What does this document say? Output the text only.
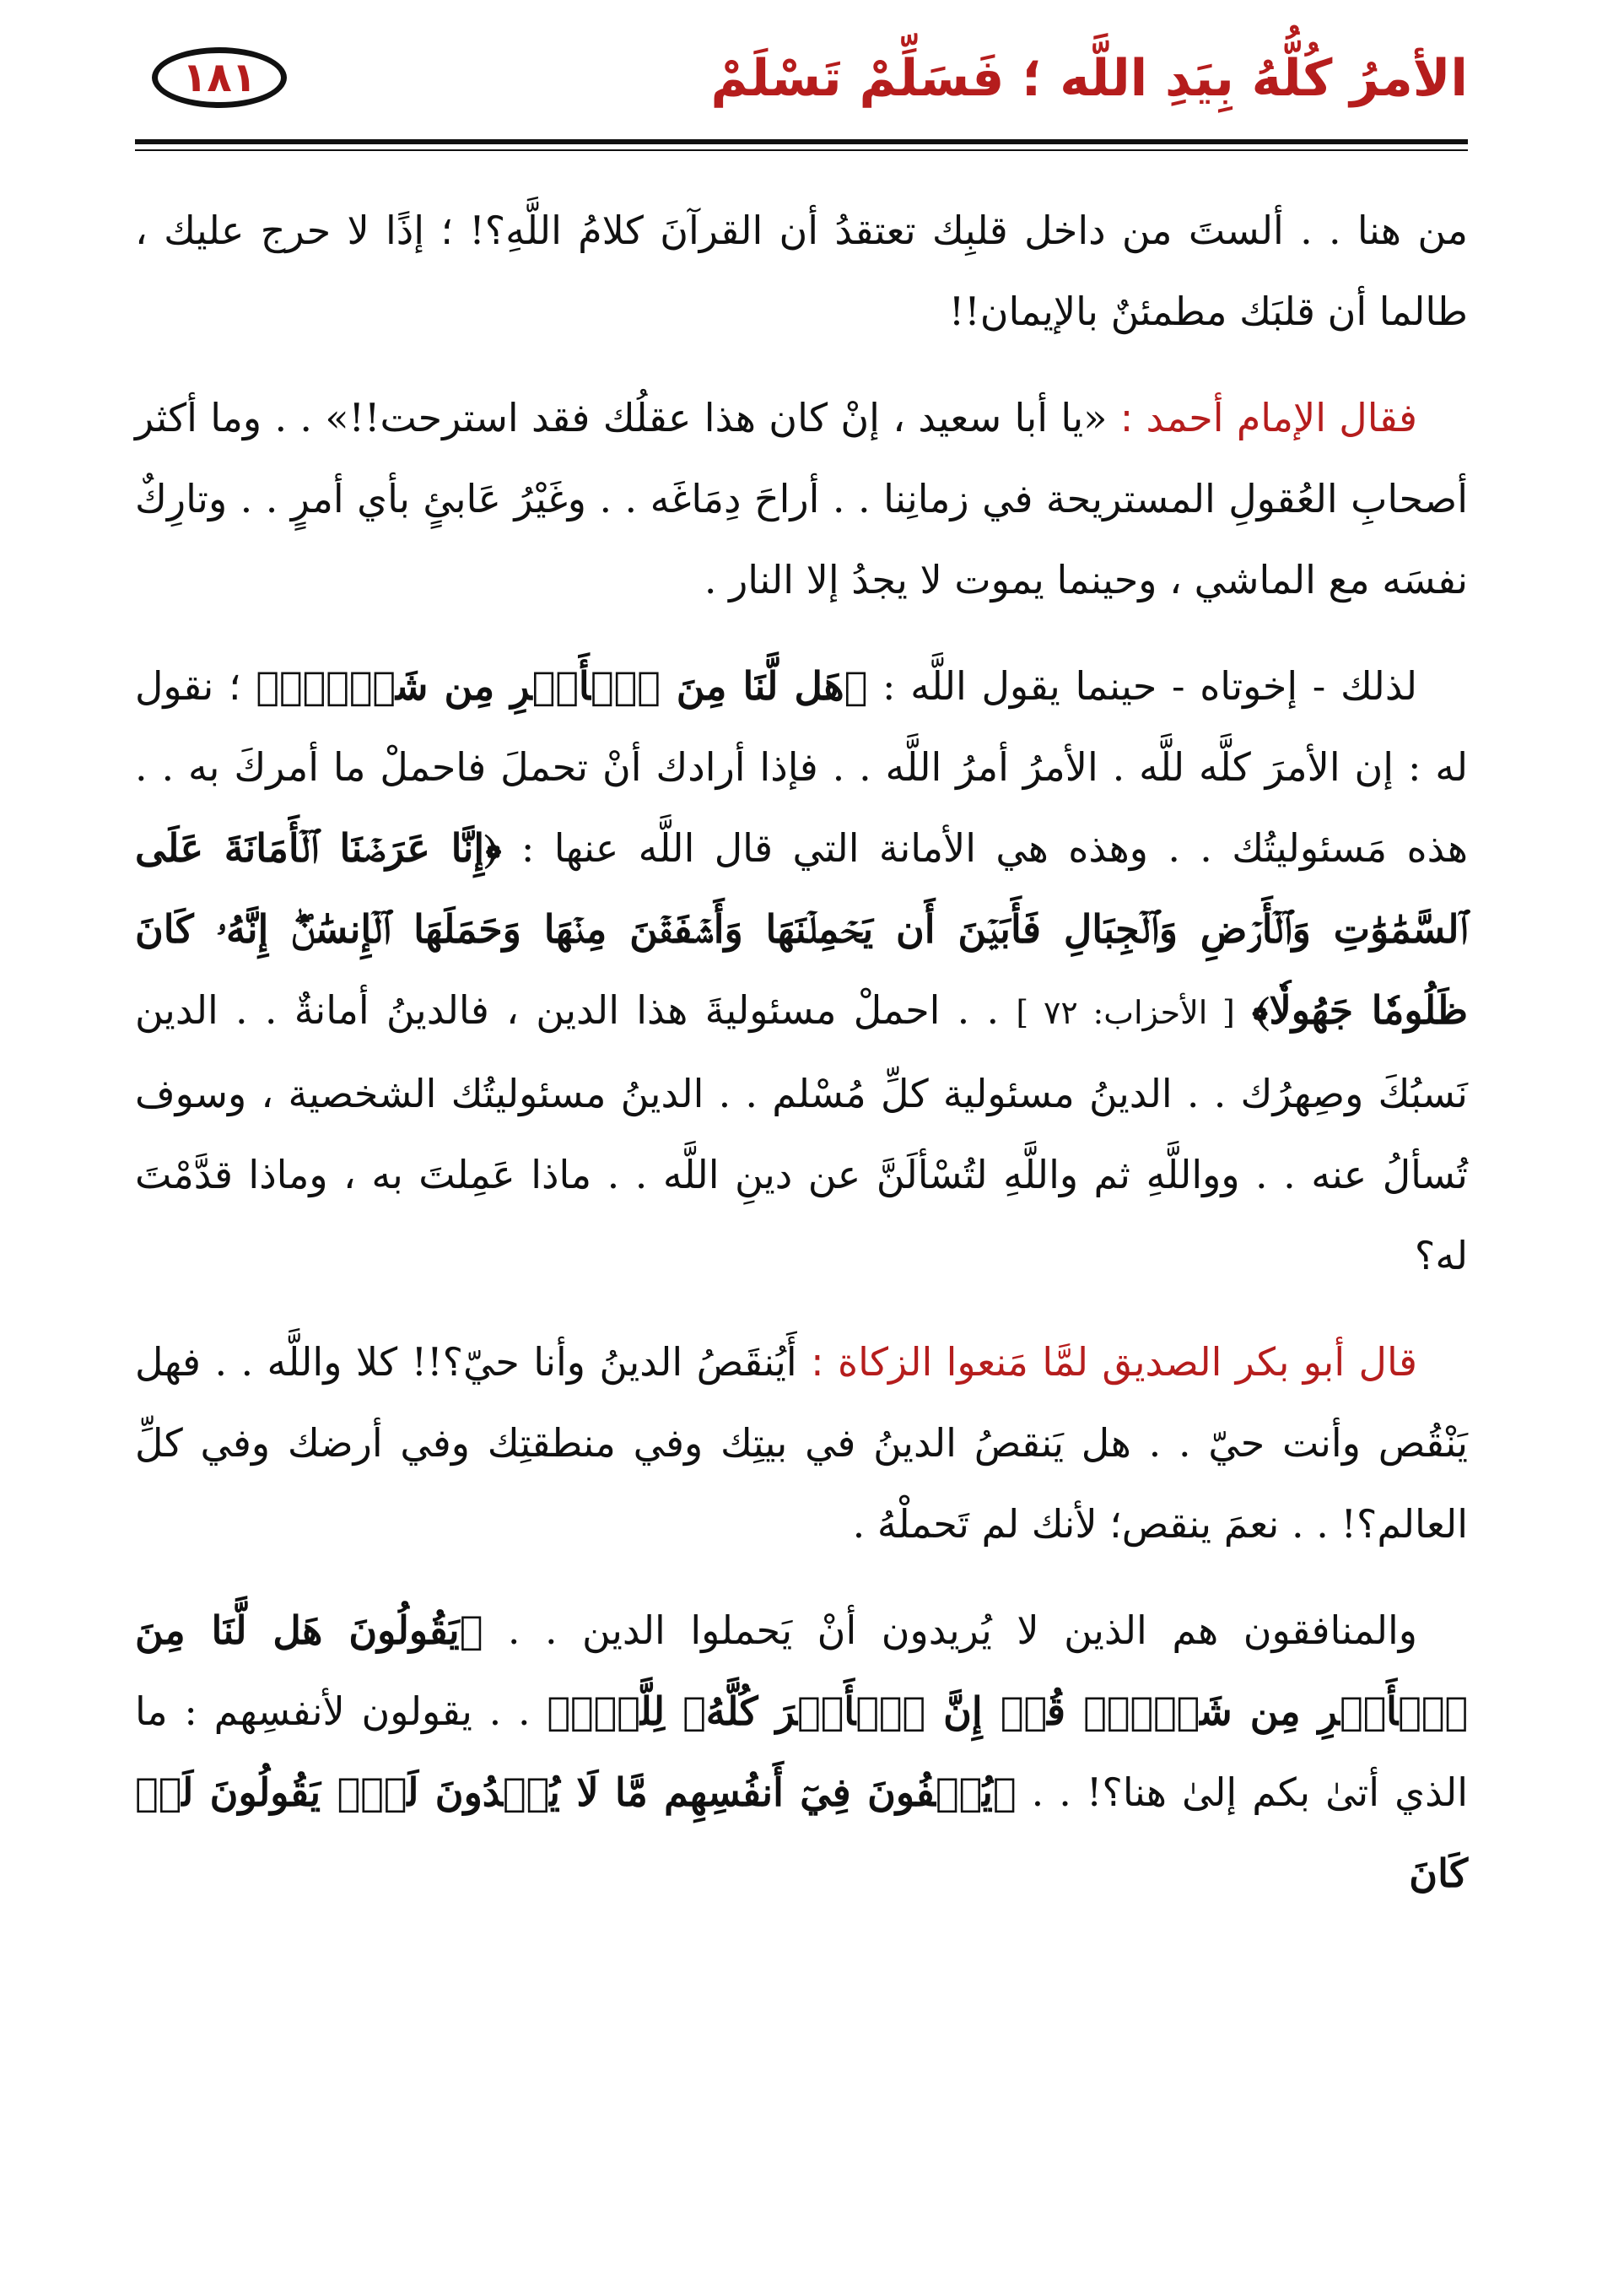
الأمرُ كُلُّهُ بِيَدِ اللَّه ؛ فَسَلِّمْ تَسْلَمْ
١٨١

من هنا . . ألستَ من داخل قلبِك تعتقدُ أن القرآنَ كلامُ اللَّهِ؟! ؛ إذًا لا حرج عليك ، طالما أن قلبَك مطمئنٌ بالإيمان!!

فقال الإمام أحمد : «يا أبا سعيد ، إنْ كان هذا عقلُك فقد استرحت!!» . . وما أكثر أصحابِ العُقولِ المستريحة في زمانِنا . . أراحَ دِمَاغَه . . وغَيْرُ عَابئٍ بأي أمرٍ . . وتارِكٌ نفسَه مع الماشي ، وحينما يموت لا يجدُ إلا النار .

لذلك - إخوتاه - حينما يقول اللَّه : ﴿هَل لَّنَا مِنَ ٱلۡأَمۡرِ مِن شَيۡءٖۗ﴾ ؛ نقول له : إن الأمرَ كلَّه للَّه . الأمرُ أمرُ اللَّه . . فإذا أرادك أنْ تحملَ فاحملْ ما أمركَ به . . هذه مَسئوليتُك . . وهذه هي الأمانة التي قال اللَّه عنها : ﴿إِنَّا عَرَضۡنَا ٱلۡأَمَانَةَ عَلَى ٱلسَّمَٰوَٰتِ وَٱلۡأَرۡضِ وَٱلۡجِبَالِ فَأَبَيۡنَ أَن يَحۡمِلۡنَهَا وَأَشۡفَقۡنَ مِنۡهَا وَحَمَلَهَا ٱلۡإِنسَٰنُۖ إِنَّهُۥ كَانَ ظَلُومٗا جَهُولٗا﴾ [ الأحزاب: ٧٢ ] . . احملْ مسئوليةَ هذا الدين ، فالدينُ أمانةٌ . . الدين نَسبُكَ وصِهرُك . . الدينُ مسئولية كلِّ مُسْلم . . الدينُ مسئوليتُك الشخصية ، وسوف تُسألُ عنه . . وواللَّهِ ثم واللَّهِ لتُسْألَنَّ عن دينِ اللَّه . . ماذا عَمِلتَ به ، وماذا قدَّمْتَ له؟

قال أبو بكر الصديق لمَّا مَنعوا الزكاة : أَيُنقَصُ الدينُ وأنا حيّ؟!! كلا واللَّه . . فهل يَنْقُص وأنت حيّ . . هل يَنقصُ الدينُ في بيتِك وفي منطقتِك وفي أرضك وفي كلِّ العالم؟! . . نعمَ ينقص؛ لأنك لم تَحملْهُ .

والمنافقون هم الذين لا يُريدون أنْ يَحملوا الدين . . ﴿يَقُولُونَ هَل لَّنَا مِنَ ٱلۡأَمۡرِ مِن شَيۡءٖۗ قُلۡ إِنَّ ٱلۡأَمۡرَ كُلَّهُۥ لِلَّهِۗ﴾ . . يقولون لأنفسِهم : ما الذي أتىٰ بكم إلىٰ هنا؟! . . ﴿يُخۡفُونَ فِيٓ أَنفُسِهِم مَّا لَا يُبۡدُونَ لَكَۖ يَقُولُونَ لَوۡ كَانَ
